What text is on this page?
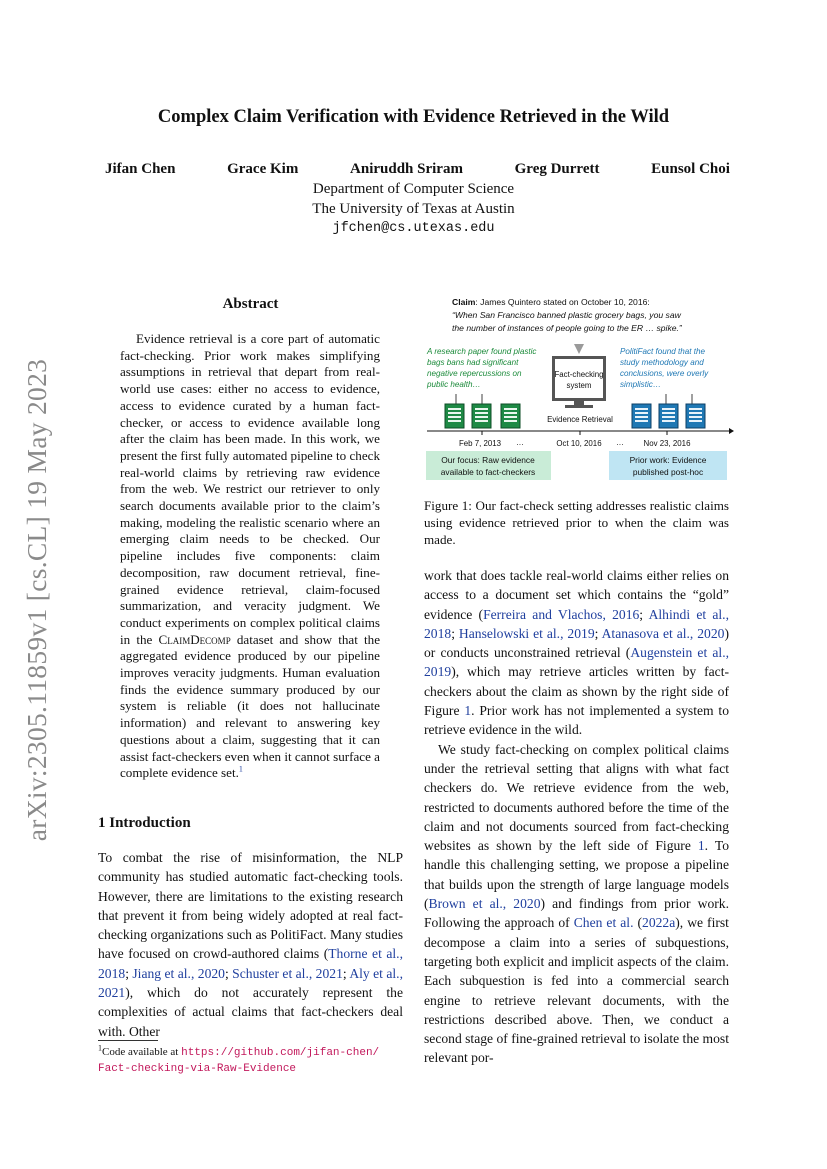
arXiv:2305.11859v1 [cs.CL] 19 May 2023
Complex Claim Verification with Evidence Retrieved in the Wild
Jifan Chen	Grace Kim	Aniruddh Sriram	Greg Durrett	Eunsol Choi
Department of Computer Science
The University of Texas at Austin
jfchen@cs.utexas.edu
Abstract

Evidence retrieval is a core part of automatic fact-checking. Prior work makes simplifying assumptions in retrieval that depart from real-world use cases: either no access to evidence, access to evidence curated by a human fact-checker, or access to evidence available long after the claim has been made. In this work, we present the first fully automated pipeline to check real-world claims by retrieving raw evidence from the web. We restrict our retriever to only search documents available prior to the claim’s making, modeling the realistic scenario where an emerging claim needs to be checked. Our pipeline includes five components: claim decomposition, raw document retrieval, fine-grained evidence retrieval, claim-focused summarization, and veracity judgment. We conduct experiments on complex political claims in the ClaimDecomp dataset and show that the aggregated evidence produced by our pipeline improves veracity judgments. Human evaluation finds the evidence summary produced by our system is reliable (it does not hallucinate information) and relevant to answering key questions about a claim, suggesting that it can assist fact-checkers even when it cannot surface a complete evidence set.$^1$

1 Introduction

To combat the rise of misinformation, the NLP community has studied automatic fact-checking tools. However, there are limitations to the existing research that prevent it from being widely adopted at real fact-checking organizations such as PolitiFact. Many studies have focused on crowd-authored claims (Thorne et al., 2018; Jiang et al., 2020; Schuster et al., 2021; Aly et al., 2021), which do not accurately represent the complexities of actual claims that fact-checkers deal with. Other

$^1$Code available at https://github.com/jifan-chen/
Fact-checking-via-Raw-Evidence
Claim: James Quintero stated on October 10, 2016:
“When San Francisco banned plastic grocery bags, you saw
the number of instances of people going to the ER … spike.”
A research paper found plastic
bags bans had significant
negative repercussions on
public health…
PolitiFact found that the
study methodology and
conclusions, were overly
simplistic…
Fact-checking
system
Evidence Retrieval
Feb 7, 2013 …	Oct 10, 2016 … Nov 23, 2016
Our focus: Raw evidence
available to fact-checkers
Prior work: Evidence
published post-hoc
Figure 1: Our fact-check setting addresses realistic claims using evidence retrieved prior to when the claim was made.

work that does tackle real-world claims either relies on access to a document set which contains the “gold” evidence (Ferreira and Vlachos, 2016; Alhindi et al., 2018; Hanselowski et al., 2019; Atanasova et al., 2020) or conducts unconstrained retrieval (Augenstein et al., 2019), which may retrieve articles written by fact-checkers about the claim as shown by the right side of Figure 1. Prior work has not implemented a system to retrieve evidence in the wild.

We study fact-checking on complex political claims under the retrieval setting that aligns with what fact checkers do. We retrieve evidence from the web, restricted to documents authored before the time of the claim and not documents sourced from fact-checking websites as shown by the left side of Figure 1. To handle this challenging setting, we propose a pipeline that builds upon the strength of large language models (Brown et al., 2020) and findings from prior work. Following the approach of Chen et al. (2022a), we first decompose a claim into a series of subquestions, targeting both explicit and implicit aspects of the claim. Each subquestion is fed into a commercial search engine to retrieve relevant documents, with the restrictions described above. Then, we conduct a second stage of fine-grained retrieval to isolate the most relevant por-
